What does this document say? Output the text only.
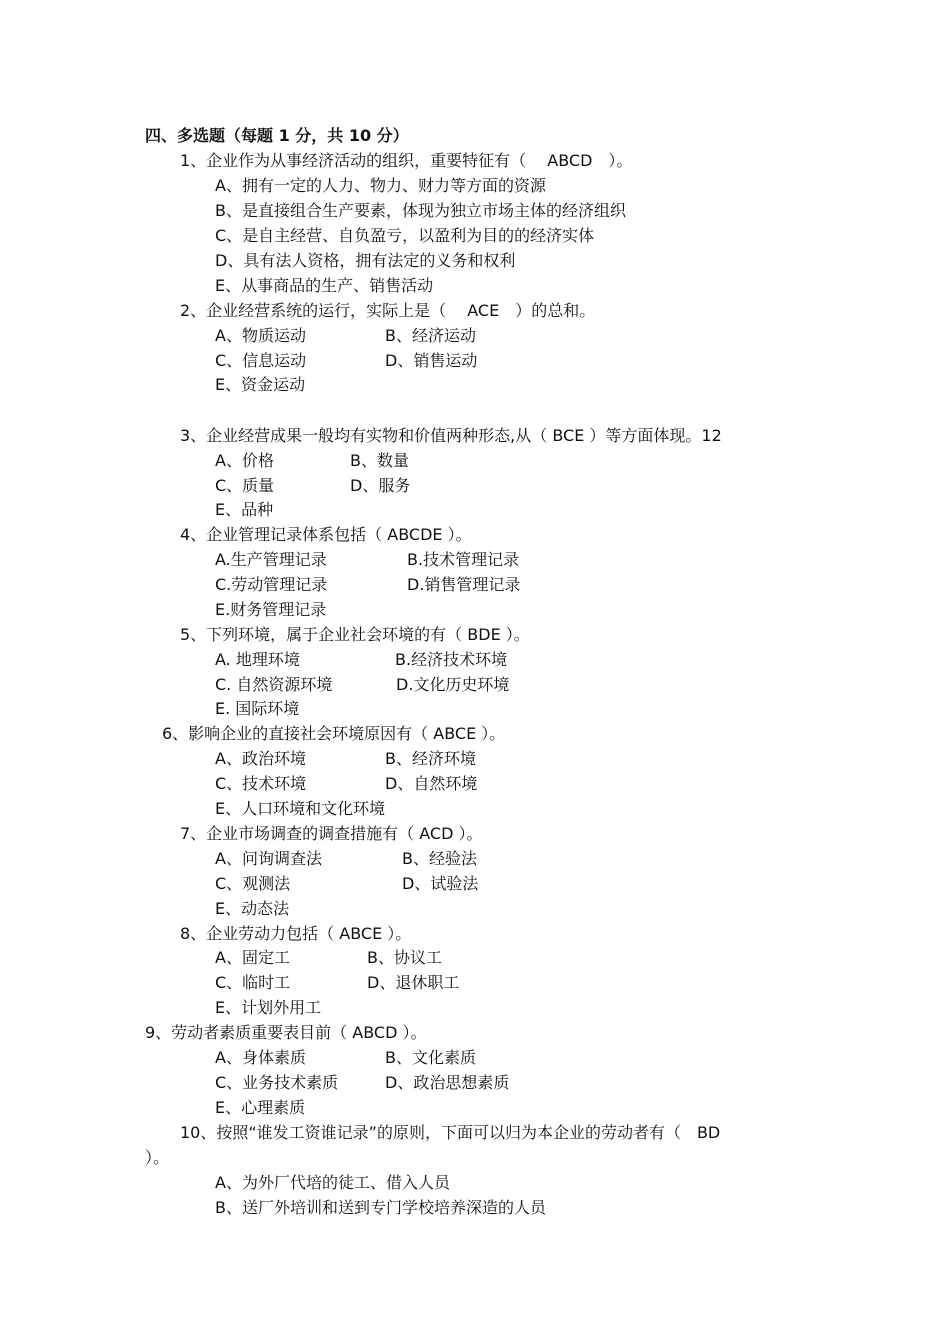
四、多选题（每题 1 分，共 10 分）
1、企业作为从事经济活动的组织，重要特征有（　 ABCD　）。
A、拥有一定的人力、物力、财力等方面的资源
B、是直接组合生产要素，体现为独立市场主体的经济组织
C、是自主经营、自负盈亏，以盈利为目的的经济实体
D、具有法人资格，拥有法定的义务和权利
E、从事商品的生产、销售活动
2、企业经营系统的运行，实际上是（　 ACE　）的总和。
A、物质运动	B、经济运动
C、信息运动	D、销售运动
E、资金运动
3、企业经营成果一般均有实物和价值两种形态,从（ BCE ）等方面体现。12
A、价格	B、数量
C、质量	D、服务
E、品种
4、企业管理记录体系包括（ ABCDE ）。
A.生产管理记录	B.技术管理记录
C.劳动管理记录	D.销售管理记录
E.财务管理记录
5、下列环境，属于企业社会环境的有（ BDE ）。
A. 地理环境	B.经济技术环境
C. 自然资源环境	D.文化历史环境
E. 国际环境
6、影响企业的直接社会环境原因有（ ABCE ）。
A、政治环境	B、经济环境
C、技术环境	D、自然环境
E、人口环境和文化环境
7、企业市场调查的调查措施有（ ACD ）。
A、问询调查法	B、经验法
C、观测法	D、试验法
E、动态法
8、企业劳动力包括（ ABCE ）。
A、固定工	B、协议工
C、临时工	D、退休职工
E、计划外用工
9、劳动者素质重要表目前（ ABCD ）。
A、身体素质	B、文化素质
C、业务技术素质	D、政治思想素质
E、心理素质
10、按照“谁发工资谁记录”的原则，下面可以归为本企业的劳动者有（　BD
）。
A、为外厂代培的徒工、借入人员
B、送厂外培训和送到专门学校培养深造的人员
